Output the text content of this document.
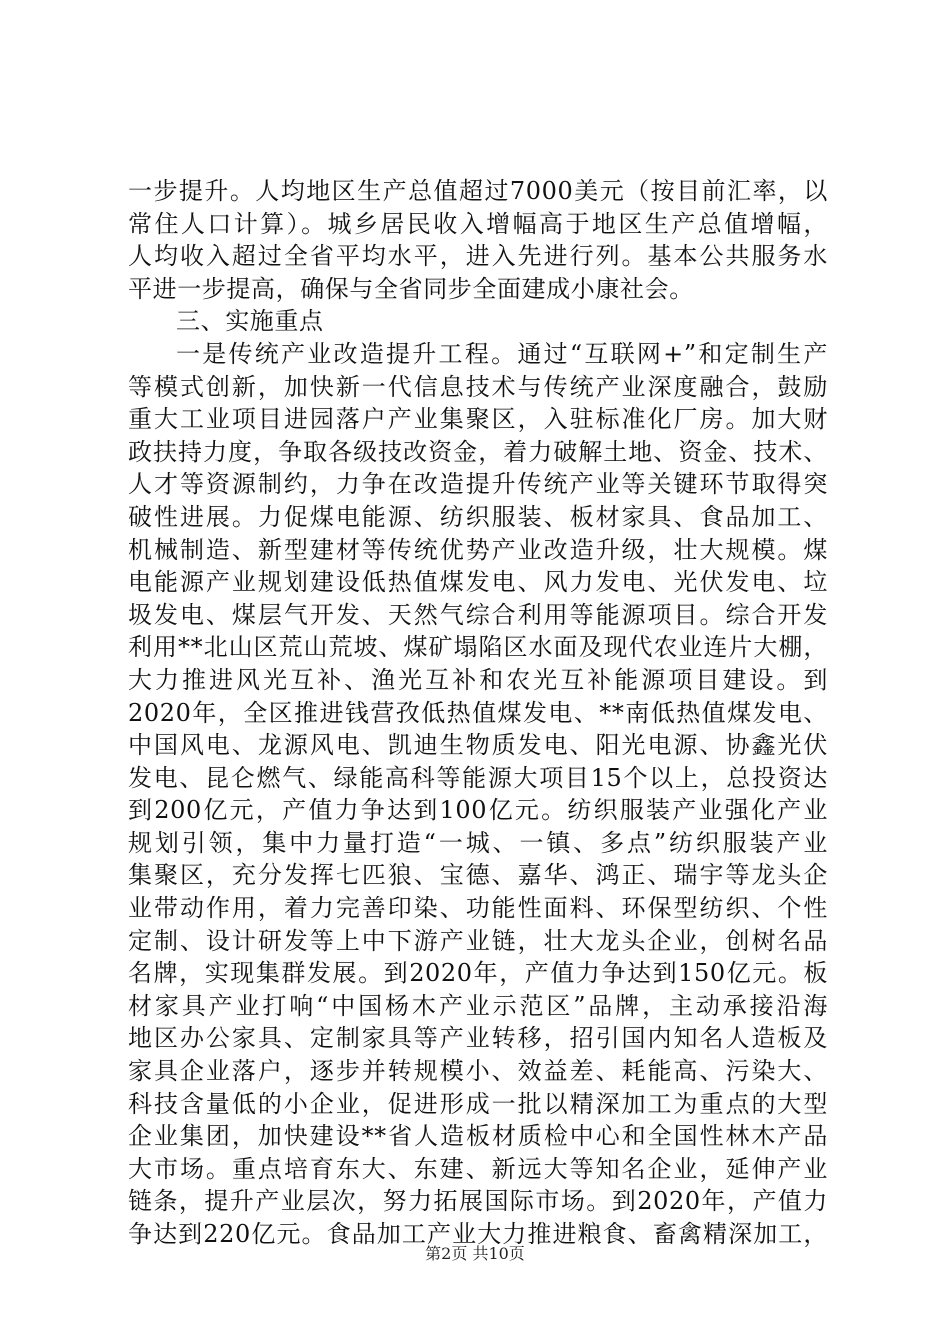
一步提升。人均地区生产总值超过7000美元（按目前汇率，以
常住人口计算）。城乡居民收入增幅高于地区生产总值增幅，
人均收入超过全省平均水平，进入先进行列。基本公共服务水
平进一步提高，确保与全省同步全面建成小康社会。
三、实施重点
一是传统产业改造提升工程。通过“互联网+”和定制生产
等模式创新，加快新一代信息技术与传统产业深度融合，鼓励
重大工业项目进园落户产业集聚区，入驻标准化厂房。加大财
政扶持力度，争取各级技改资金，着力破解土地、资金、技术、
人才等资源制约，力争在改造提升传统产业等关键环节取得突
破性进展。力促煤电能源、纺织服装、板材家具、食品加工、
机械制造、新型建材等传统优势产业改造升级，壮大规模。煤
电能源产业规划建设低热值煤发电、风力发电、光伏发电、垃
圾发电、煤层气开发、天然气综合利用等能源项目。综合开发
利用**北山区荒山荒坡、煤矿塌陷区水面及现代农业连片大棚，
大力推进风光互补、渔光互补和农光互补能源项目建设。到
2020年，全区推进钱营孜低热值煤发电、**南低热值煤发电、
中国风电、龙源风电、凯迪生物质发电、阳光电源、协鑫光伏
发电、昆仑燃气、绿能高科等能源大项目15个以上，总投资达
到200亿元，产值力争达到100亿元。纺织服装产业强化产业
规划引领，集中力量打造“一城、一镇、多点”纺织服装产业
集聚区，充分发挥七匹狼、宝德、嘉华、鸿正、瑞宇等龙头企
业带动作用，着力完善印染、功能性面料、环保型纺织、个性
定制、设计研发等上中下游产业链，壮大龙头企业，创树名品
名牌，实现集群发展。到2020年，产值力争达到150亿元。板
材家具产业打响“中国杨木产业示范区”品牌，主动承接沿海
地区办公家具、定制家具等产业转移，招引国内知名人造板及
家具企业落户，逐步并转规模小、效益差、耗能高、污染大、
科技含量低的小企业，促进形成一批以精深加工为重点的大型
企业集团，加快建设**省人造板材质检中心和全国性林木产品
大市场。重点培育东大、东建、新远大等知名企业，延伸产业
链条，提升产业层次，努力拓展国际市场。到2020年，产值力
争达到220亿元。食品加工产业大力推进粮食、畜禽精深加工，
第2页 共10页
